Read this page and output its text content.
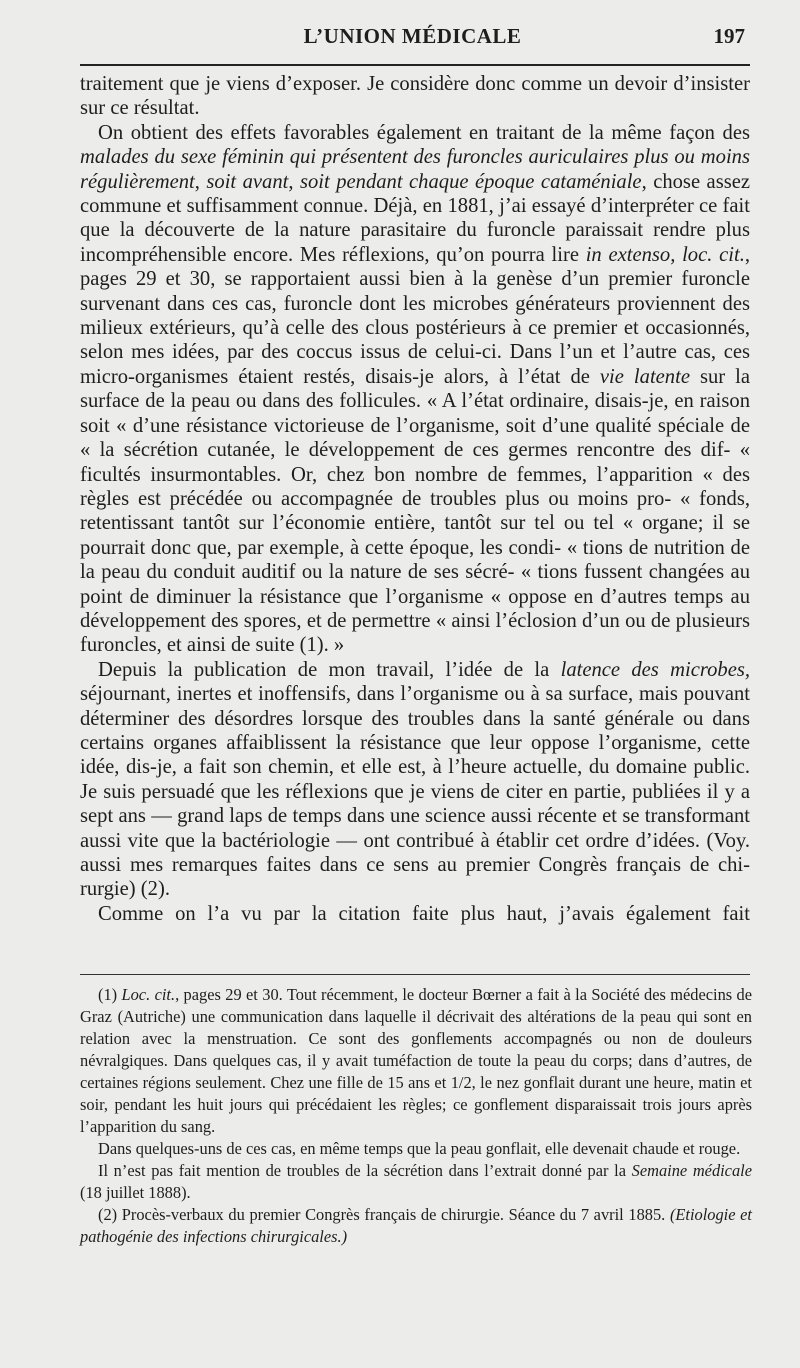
L’UNION MÉDICALE	197

traitement que je viens d’exposer. Je considère donc comme un devoir d’insister sur ce résultat.

On obtient des effets favorables également en traitant de la même façon des malades du sexe féminin qui présentent des furoncles auriculaires plus ou moins régulièrement, soit avant, soit pendant chaque époque cataméniale, chose assez commune et suffisamment connue. Déjà, en 1881, j’ai essayé d’interpréter ce fait que la découverte de la nature parasitaire du furoncle paraissait rendre plus incompréhensible encore. Mes réflexions, qu’on pourra lire in extenso, loc. cit., pages 29 et 30, se rapportaient aussi bien à la genèse d’un premier furoncle survenant dans ces cas, furoncle dont les microbes générateurs proviennent des milieux extérieurs, qu’à celle des clous postérieurs à ce premier et occasionnés, selon mes idées, par des coccus issus de celui-ci. Dans l’un et l’autre cas, ces micro-organismes étaient restés, disais-je alors, à l’état de vie latente sur la surface de la peau ou dans des follicules. « A l’état ordinaire, disais-je, en raison soit « d’une résistance victorieuse de l’organisme, soit d’une qualité spéciale de « la sécrétion cutanée, le développement de ces germes rencontre des dif- « ficultés insurmontables. Or, chez bon nombre de femmes, l’apparition « des règles est précédée ou accompagnée de troubles plus ou moins pro- « fonds, retentissant tantôt sur l’économie entière, tantôt sur tel ou tel « organe; il se pourrait donc que, par exemple, à cette époque, les condi- « tions de nutrition de la peau du conduit auditif ou la nature de ses sécré- « tions fussent changées au point de diminuer la résistance que l’organisme « oppose en d’autres temps au développement des spores, et de permettre « ainsi l’éclosion d’un ou de plusieurs furoncles, et ainsi de suite (1). »

Depuis la publication de mon travail, l’idée de la latence des microbes, séjournant, inertes et inoffensifs, dans l’organisme ou à sa surface, mais pouvant déterminer des désordres lorsque des troubles dans la santé générale ou dans certains organes affaiblissent la résistance que leur oppose l’organisme, cette idée, dis-je, a fait son chemin, et elle est, à l’heure actuelle, du domaine public. Je suis persuadé que les réflexions que je viens de citer en partie, publiées il y a sept ans — grand laps de temps dans une science aussi récente et se transformant aussi vite que la bactériologie — ont contribué à établir cet ordre d’idées. (Voy. aussi mes remarques faites dans ce sens au premier Congrès français de chirurgie) (2).

Comme on l’a vu par la citation faite plus haut, j’avais également fait

(1) Loc. cit., pages 29 et 30. Tout récemment, le docteur Bœrner a fait à la Société des médecins de Graz (Autriche) une communication dans laquelle il décrivait des altérations de la peau qui sont en relation avec la menstruation. Ce sont des gonflements accompagnés ou non de douleurs névralgiques. Dans quelques cas, il y avait tuméfaction de toute la peau du corps; dans d’autres, de certaines régions seulement. Chez une fille de 15 ans et 1/2, le nez gonflait durant une heure, matin et soir, pendant les huit jours qui précédaient les règles; ce gonflement disparaissait trois jours après l’apparition du sang.

Dans quelques-uns de ces cas, en même temps que la peau gonflait, elle devenait chaude et rouge.

Il n’est pas fait mention de troubles de la sécrétion dans l’extrait donné par la Semaine médicale (18 juillet 1888).

(2) Procès-verbaux du premier Congrès français de chirurgie. Séance du 7 avril 1885. (Etiologie et pathogénie des infections chirurgicales.)
